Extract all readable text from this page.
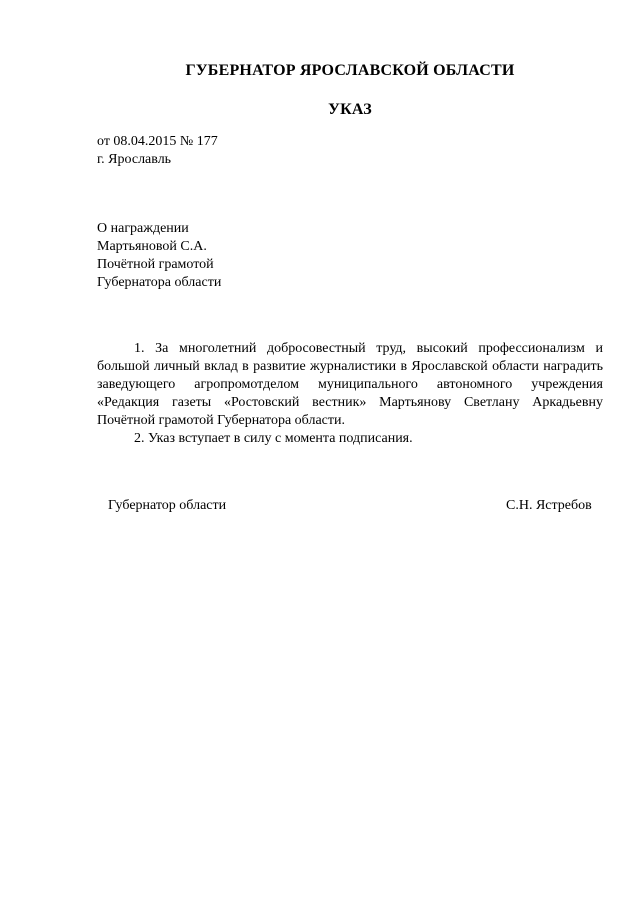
ГУБЕРНАТОР ЯРОСЛАВСКОЙ ОБЛАСТИ
УКАЗ
от 08.04.2015 № 177
г. Ярославль
О награждении
Мартьяновой С.А.
Почётной грамотой
Губернатора области

1. За многолетний добросовестный труд, высокий профессионализм и большой личный вклад в развитие журналистики в Ярославской области наградить заведующего агропромотделом муниципального автономного учреждения «Редакция газеты «Ростовский вестник» Мартьянову Светлану Аркадьевну Почётной грамотой Губернатора области.

2. Указ вступает в силу с момента подписания.

Губернатор области	С.Н. Ястребов
